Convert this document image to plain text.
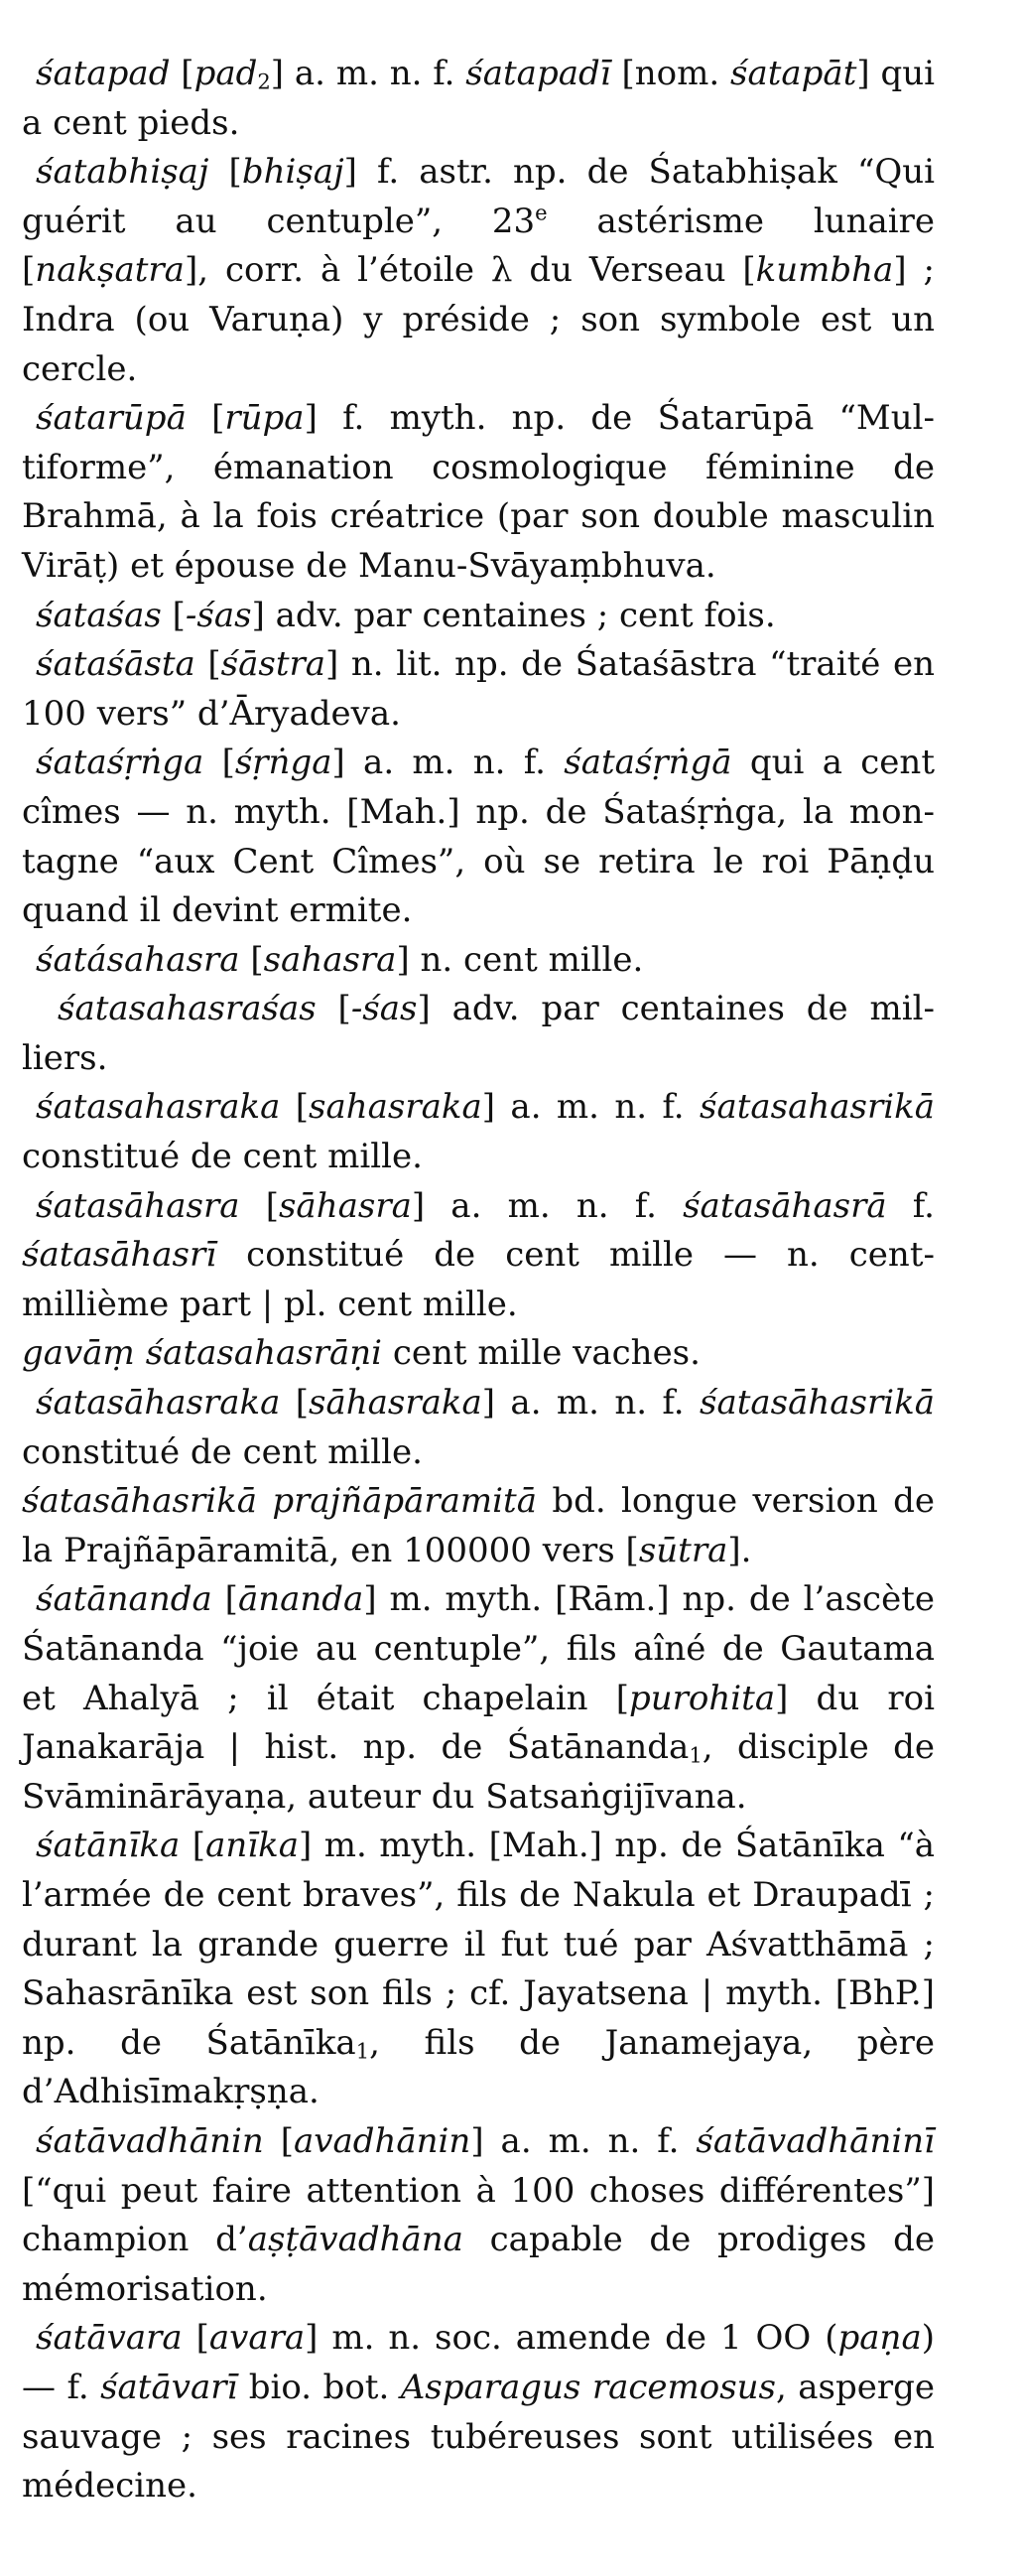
śatapad [pad$_2$] a. m. n. f. śatapadī [nom. śatapāt] qui a cent pieds.

śatabhiṣaj [bhiṣaj] f. astr. np. de Śatabhiṣak “Qui guérit au centuple”, 23e astérisme lunaire [nakṣatra], corr. à l’étoile λ du Verseau [kumbha] ; Indra (ou Varuṇa) y préside ; son symbole est un cercle.

śatarūpā [rūpa] f. myth. np. de Śatarūpā “Multiforme”, émanation cosmologique féminine de Brahmā, à la fois créatrice (par son double masculin Virāṭ) et épouse de Manu-Svāyaṃbhuva.

śataśas [-śas] adv. par centaines ; cent fois.

śataśāsta [śāstra] n. lit. np. de Śataśāstra “traité en 100 vers” d’Āryadeva.

śataśṛṅga [śṛṅga] a. m. n. f. śataśṛṅgā qui a cent cîmes — n. myth. [Mah.] np. de Śataśṛṅga, la montagne “aux Cent Cîmes”, où se retira le roi Pāṇḍu quand il devint ermite.

śatásahasra [sahasra] n. cent mille.

śatasahasraśas [-śas] adv. par centaines de milliers.

śatasahasraka [sahasraka] a. m. n. f. śatasahasrikā constitué de cent mille.

śatasāhasra [sāhasra] a. m. n. f. śatasāhasrā f. śatasāhasrī constitué de cent mille — n. centmillième part | pl. cent mille.

gavāṃ śatasahasrāṇi cent mille vaches.

śatasāhasraka [sāhasraka] a. m. n. f. śatasāhasrikā constitué de cent mille.

śatasāhasrikā prajñāpāramitā bd. longue version de la Prajñāpāramitā, en 100000 vers [sūtra].

śatānanda [ānanda] m. myth. [Rām.] np. de l’ascète Śatānanda “joie au centuple”, fils aîné de Gautama et Ahalyā ; il était chapelain [purohita] du roi Janakarāja | hist. np. de Śatānanda$_1$, disciple de Svāminārāyaṇa, auteur du Satsaṅgijīvana.

śatānīka [anīka] m. myth. [Mah.] np. de Śatānīka “à l’armée de cent braves”, fils de Nakula et Draupadī ; durant la grande guerre il fut tué par Aśvatthāmā ; Sahasrānīka est son fils ; cf. Jayatsena | myth. [BhP.] np. de Śatānīka$_1$, fils de Janamejaya, père d’Adhisīmakṛṣṇa.

śatāvadhānin [avadhānin] a. m. n. f. śatāvadhāninī [“qui peut faire attention à 100 choses différentes”] champion d’aṣṭāvadhāna capable de prodiges de mémorisation.

śatāvara [avara] m. n. soc. amende de 1 OO (paṇa) — f. śatāvarī bio. bot. Asparagus racemosus, asperge sauvage ; ses racines tubéreuses sont utilisées en médecine.
